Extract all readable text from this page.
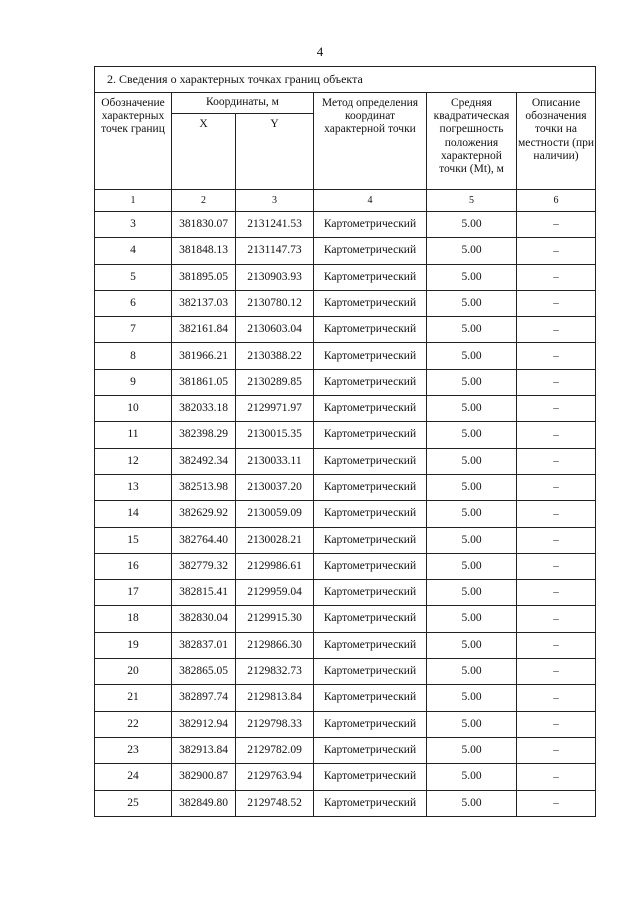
4
2. Сведения о характерных точках границ объекта					
Обозначение характерных точек границ	Координаты, м		Метод определения координат характерной точки	Средняя квадратическая погрешность положения характерной точки (Mt), м	Описание обозначения точки на местности (при наличии)
	X	Y			
1	2	3	4	5	6
3	381830.07	2131241.53	Картометрический	5.00	–
4	381848.13	2131147.73	Картометрический	5.00	–
5	381895.05	2130903.93	Картометрический	5.00	–
6	382137.03	2130780.12	Картометрический	5.00	–
7	382161.84	2130603.04	Картометрический	5.00	–
8	381966.21	2130388.22	Картометрический	5.00	–
9	381861.05	2130289.85	Картометрический	5.00	–
10	382033.18	2129971.97	Картометрический	5.00	–
11	382398.29	2130015.35	Картометрический	5.00	–
12	382492.34	2130033.11	Картометрический	5.00	–
13	382513.98	2130037.20	Картометрический	5.00	–
14	382629.92	2130059.09	Картометрический	5.00	–
15	382764.40	2130028.21	Картометрический	5.00	–
16	382779.32	2129986.61	Картометрический	5.00	–
17	382815.41	2129959.04	Картометрический	5.00	–
18	382830.04	2129915.30	Картометрический	5.00	–
19	382837.01	2129866.30	Картометрический	5.00	–
20	382865.05	2129832.73	Картометрический	5.00	–
21	382897.74	2129813.84	Картометрический	5.00	–
22	382912.94	2129798.33	Картометрический	5.00	–
23	382913.84	2129782.09	Картометрический	5.00	–
24	382900.87	2129763.94	Картометрический	5.00	–
25	382849.80	2129748.52	Картометрический	5.00	–
